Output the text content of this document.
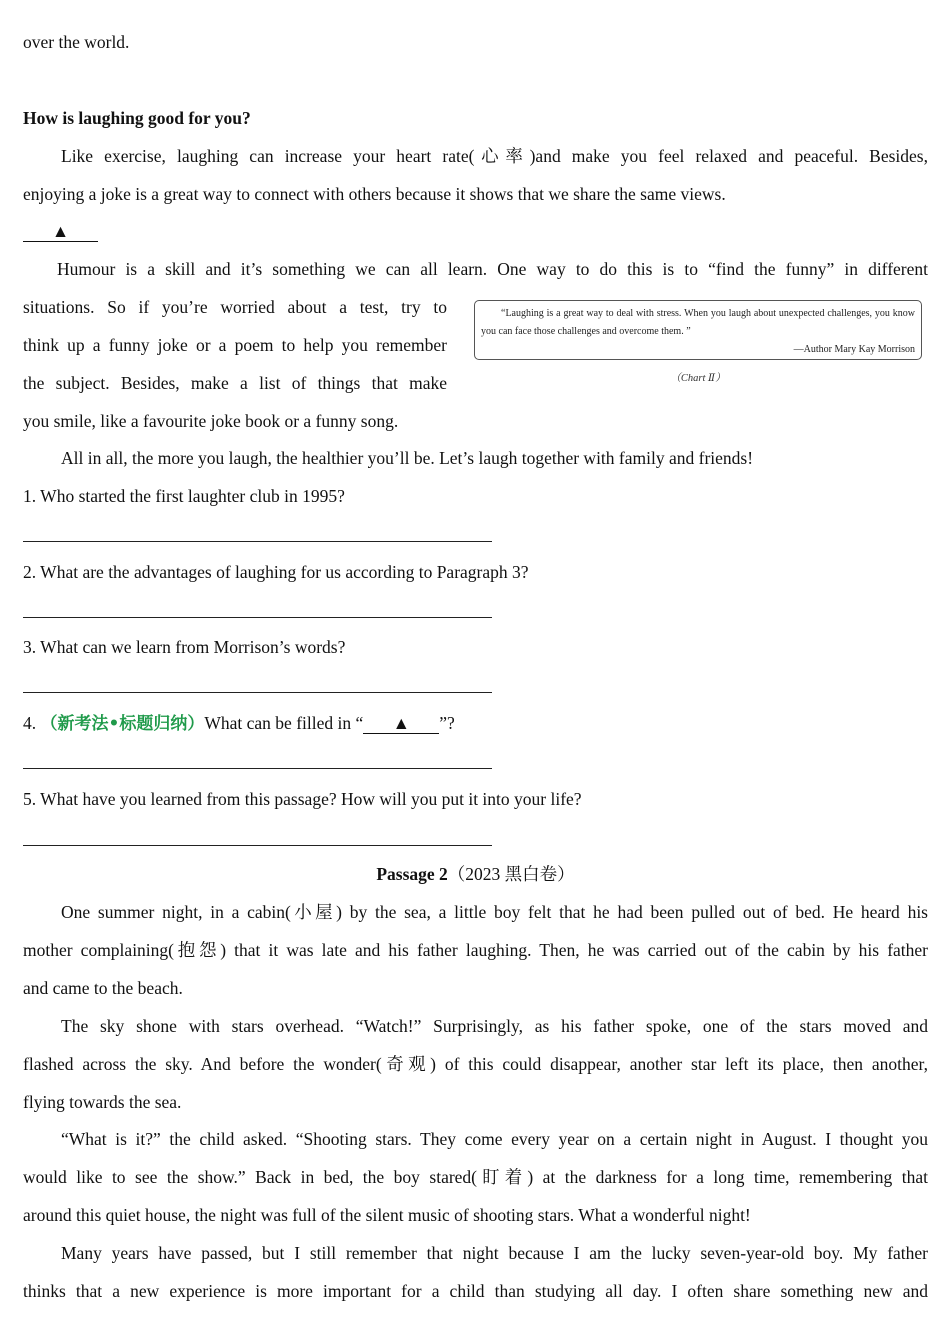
over the world.
How is laughing good for you?
Like exercise, laughing can increase your heart rate(心率)and make you feel relaxed and peaceful. Besides,
enjoying a joke is a great way to connect with others because it shows that we share the same views.
▲
Humour is a skill and it’s something we can all learn. One way to do this is to “find the funny” in different
situations. So if you’re worried about a test, try to
think up a funny joke or a poem to help you remember
the subject. Besides, make a list of things that make
you smile, like a favourite joke book or a funny song.
“Laughing is a great way to deal with stress. When you laugh about unexpected challenges, you know you can face those challenges and overcome them. ”
—Author Mary Kay Morrison
（Chart Ⅱ）
All in all, the more you laugh, the healthier you’ll be. Let’s laugh together with family and friends!
1. Who started the first laughter club in 1995?
2. What are the advantages of laughing for us according to Paragraph 3?
3. What can we learn from Morrison’s words?
4. （新考法•标题归纳）What can be filled in “ ▲ ”?
5. What have you learned from this passage? How will you put it into your life?
Passage 2（2023 黑白卷）
One summer night, in a cabin(小屋) by the sea, a little boy felt that he had been pulled out of bed. He heard his
mother complaining(抱怨) that it was late and his father laughing. Then, he was carried out of the cabin by his father
and came to the beach.
The sky shone with stars overhead. “Watch!” Surprisingly, as his father spoke, one of the stars moved and
flashed across the sky. And before the wonder(奇观) of this could disappear, another star left its place, then another,
flying towards the sea.
“What is it?” the child asked. “Shooting stars. They come every year on a certain night in August. I thought you
would like to see the show.” Back in bed, the boy stared(盯着) at the darkness for a long time, remembering that
around this quiet house, the night was full of the silent music of shooting stars. What a wonderful night!
Many years have passed, but I still remember that night because I am the lucky seven-year-old boy. My father
thinks that a new experience is more important for a child than studying all day. I often share something new and
